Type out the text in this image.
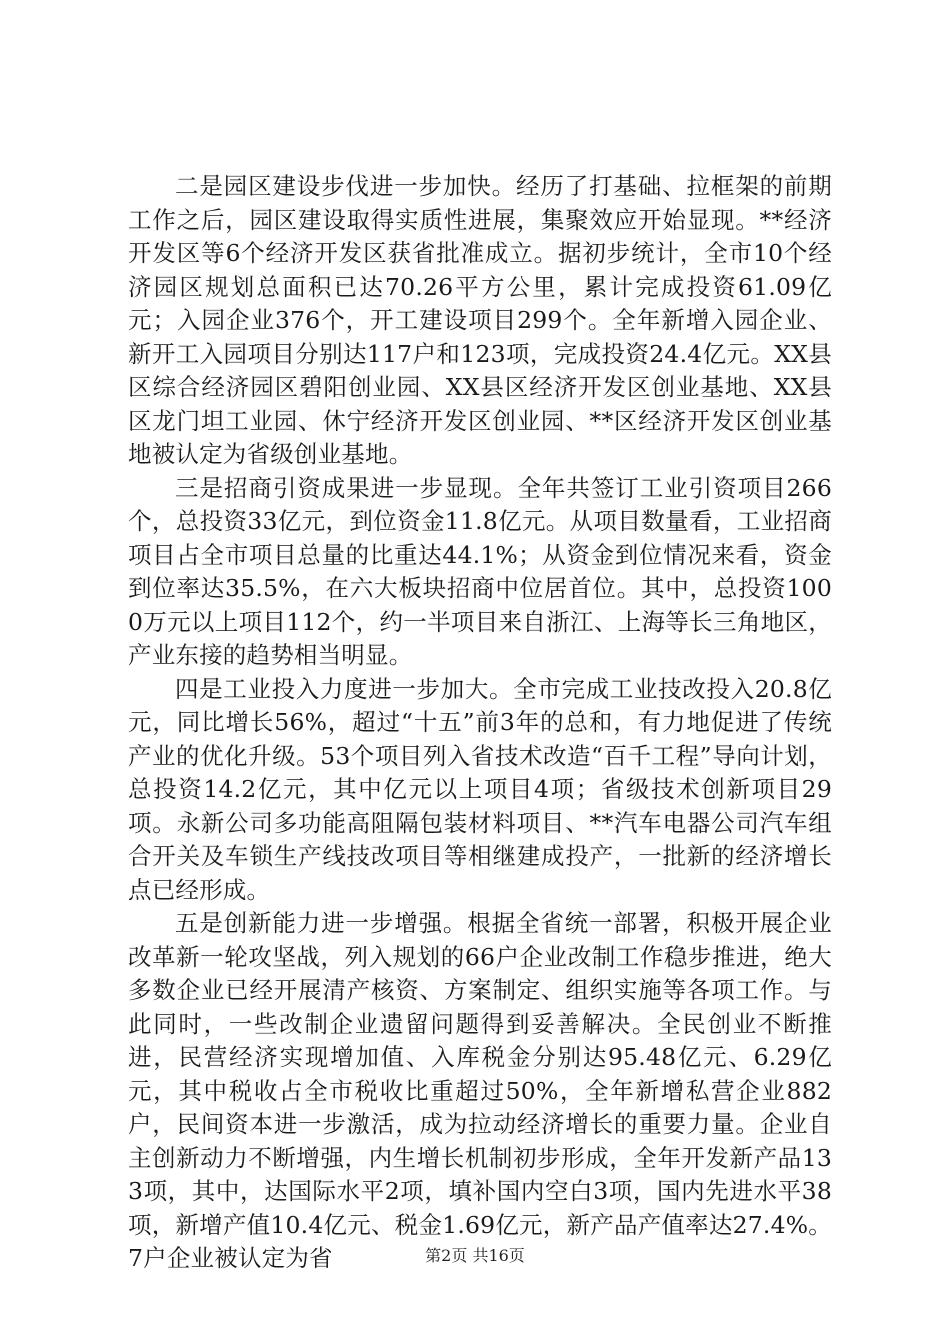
二是园区建设步伐进一步加快。经历了打基础、拉框架的前期工作之后，园区建设取得实质性进展，集聚效应开始显现。**经济开发区等6个经济开发区获省批准成立。据初步统计，全市10个经济园区规划总面积已达70.26平方公里，累计完成投资61.09亿元；入园企业376个，开工建设项目299个。全年新增入园企业、新开工入园项目分别达117户和123项，完成投资24.4亿元。XX县区综合经济园区碧阳创业园、XX县区经济开发区创业基地、XX县区龙门坦工业园、休宁经济开发区创业园、**区经济开发区创业基地被认定为省级创业基地。

三是招商引资成果进一步显现。全年共签订工业引资项目266个，总投资33亿元，到位资金11.8亿元。从项目数量看，工业招商项目占全市项目总量的比重达44.1%；从资金到位情况来看，资金到位率达35.5%，在六大板块招商中位居首位。其中，总投资1000万元以上项目112个，约一半项目来自浙江、上海等长三角地区，产业东接的趋势相当明显。

四是工业投入力度进一步加大。全市完成工业技改投入20.8亿元，同比增长56%，超过“十五”前3年的总和，有力地促进了传统产业的优化升级。53个项目列入省技术改造“百千工程”导向计划，总投资14.2亿元，其中亿元以上项目4项；省级技术创新项目29项。永新公司多功能高阻隔包装材料项目、**汽车电器公司汽车组合开关及车锁生产线技改项目等相继建成投产，一批新的经济增长点已经形成。

五是创新能力进一步增强。根据全省统一部署，积极开展企业改革新一轮攻坚战，列入规划的66户企业改制工作稳步推进，绝大多数企业已经开展清产核资、方案制定、组织实施等各项工作。与此同时，一些改制企业遗留问题得到妥善解决。全民创业不断推进，民营经济实现增加值、入库税金分别达95.48亿元、6.29亿元，其中税收占全市税收比重超过50%，全年新增私营企业882户，民间资本进一步激活，成为拉动经济增长的重要力量。企业自主创新动力不断增强，内生增长机制初步形成，全年开发新产品133项，其中，达国际水平2项，填补国内空白3项，国内先进水平38项，新增产值10.4亿元、税金1.69亿元，新产品产值率达27.4%。7户企业被认定为省	第2页 共16页
